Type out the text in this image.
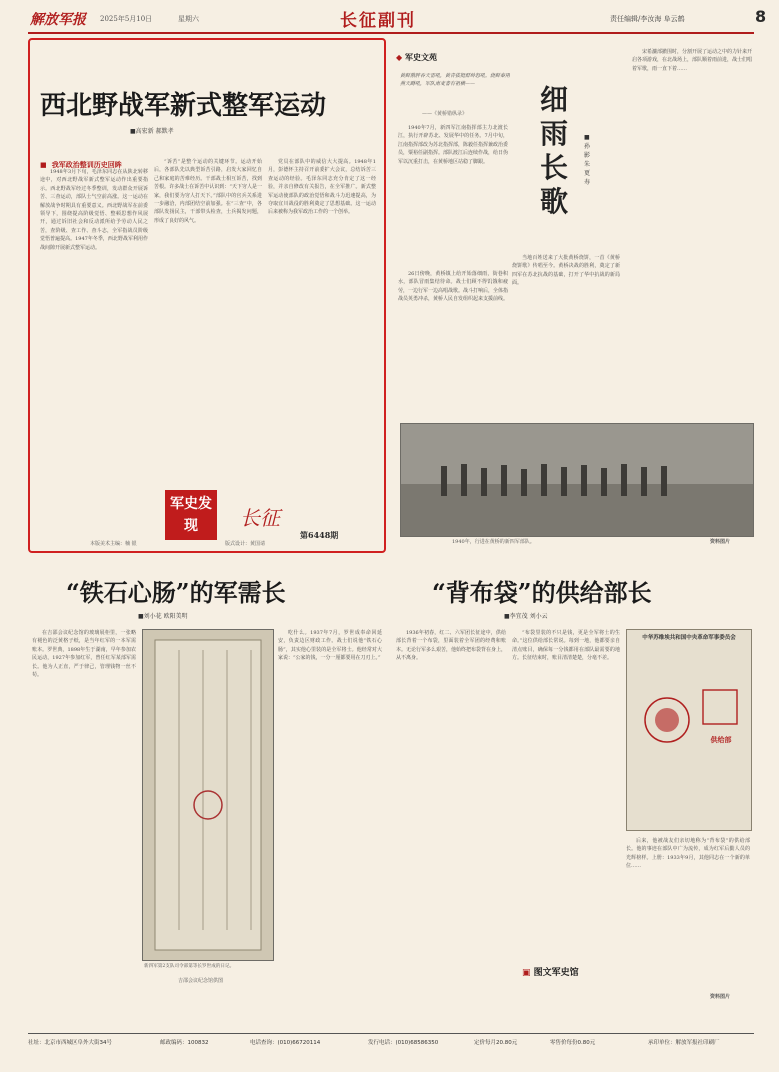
解放军报 2025年5月10日	星期六	长征副刊	责任编辑/李汝海 阜云鹤	8
西北野战军新式整军运动
■高宏新 郝默孝
■ 我军政治整训历史回眸
1948年3月下旬，毛泽东同志在从陕北转移途中，对西北野战军新式整军运动作出重要指示。西北野战军经过冬季整训，发动群众开展诉苦、三查运动，部队士气空前高涨。这一运动在解放战争时期具有重要意义。西北野战军在前委领导下，围绕提高阶级觉悟、整顿思想作风展开，通过诉旧社会和反动派所给予劳动人民之苦，查阶级、查工作、查斗志，全军指战员阶级觉悟普遍提高。1947年冬季，西北野战军利用作战间隙开展新式整军运动。
“诉苦”是整个运动的关键环节。运动开始后，各部队先以典型诉苦引路，启发大家回忆自己和家庭的苦难经历。干部战士相互诉苦，找到苦根。许多战士在诉苦中认识到：“天下穷人是一家，我们要为穷人打天下。”部队中的官兵关系进一步融洽，内部团结空前加强。在“三查”中，各部队发扬民主，干部带头检查，士兵揭发问题，形成了良好的风气。
党员在部队中的威信大大提高。1948年1月，彭德怀主持召开前委扩大会议，总结诉苦三查运动的经验。毛泽东同志充分肯定了这一经验，并亲自修改有关报告，在全军推广。新式整军运动使部队的政治觉悟和战斗力迅速提高，为夺取宜川战役的胜利奠定了思想基础。这一运动后来被称为我军政治工作的一个创举。
军史发现	长征
第6448期
本版美术主编：楠 银	版式设计：黄国请
◆ 军史文苑
黄鲜傲胖吞天雷吼，黄青拔挺群岭怒吼。烧鲜秦用燕天蹲吼，军队南麦者有祖横——
——《黄桥错纵录》	细雨长歌
■孙 影 朱更寿
1940年7月，新四军江南指挥部主力北渡长江，执行开辟苏北、发展华中的任务。7月中旬，江南指挥部改为苏北指挥部，陈毅任指挥兼政治委员，粟裕任副指挥。部队渡江后连续作战，给日伪军以沉重打击，在黄桥地区站稳了脚跟。
26日傍晚，黄桥镇上给开始落细雨，街巷积水，部队冒雨集结待命。战士们顾不得饥饿和疲劳，一边行军一边高唱战歌。战斗打响后，全体指战员英勇冲杀，黄桥人民自发组织起来支援前线。
当地百姓送来了大批黄桥烧饼，一首《黄桥烧饼歌》传唱至今。黄桥决战的胜利，奠定了新四军在苏北抗战的基础，打开了华中抗战的新局面。
宋希濂部撤围时，分割开展了运动之中的力针来开启各项游戏，在北战场上，部队顺着雨前进，战士们唱着军歌，雨一直下着……
1940年，行进在黄桥的新四军部队。	资料图片
“铁石心肠”的军需长
■刘小花 欧阳美明
在吉邵会议纪念馆的玻璃展柜里，一张略有褪色的泛黄格子纸，是当年红军的一本军需账本。罗世典，1898年生于湖南，早年参加农民运动，1927年参加红军，曾任红军某部军需长。他为人正直，严于律己，管理钱物一丝不苟。
新四军第2支队司令部第等长罗世成的日记。
吉邵会议纪念馆供图
吃什么。1937年7月，罗世成奉命回延安，负责边区财政工作。战士们说他“铁石心肠”，其实他心里装的是全军将士。他经常对大家说：“公家的钱，一分一厘都要用在刀刃上。”
“背布袋”的供给部长
■李宜茂 刘小云
1936年初春，红二、六军团长征途中，供给部长背着一个布袋，里面装着全军团的经费和账本。无论行军多么艰苦，他始终把布袋背在身上，从不离身。
“布袋里装的不只是钱，更是全军将士的生命。”这位供给部长常说。每到一地，他都要亲自清点账目，确保每一分钱都用在部队最需要的地方。长征结束时，账目清清楚楚，分毫不差。
中华苏维埃共和国中央革命军事委员会
供给部
后来，他被战友们亲切地称为“背布袋”的供给部长。他的事迹在部队中广为流传，成为红军后勤人员的光辉榜样。上册：1933年9月，其他同志在一个新的单位……
▣ 图文军史馆
资料图片
社址：北京市西城区阜外大街34号	邮政编码：100832	电话查询：(010)66720114	发行电话：(010)68586350	定价每月20.80元	零售价每份0.80元	承印单位：解放军报社印刷厂
